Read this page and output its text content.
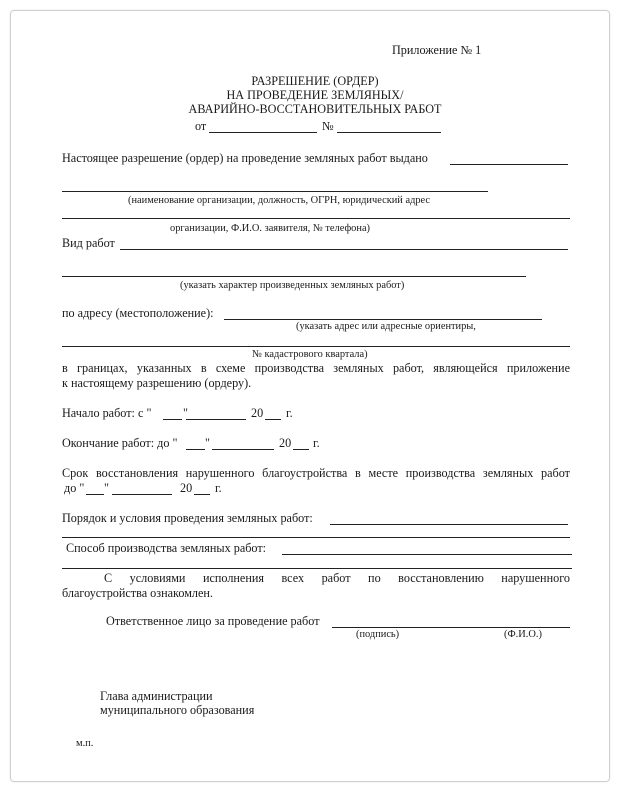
Приложение № 1
РАЗРЕШЕНИЕ (ОРДЕР)
НА ПРОВЕДЕНИЕ ЗЕМЛЯНЫХ/
АВАРИЙНО-ВОССТАНОВИТЕЛЬНЫХ РАБОТ
от	№
Настоящее разрешение (ордер) на проведение земляных работ выдано
(наименование организации, должность, ОГРН, юридический адрес
организации, Ф.И.О. заявителя, № телефона)
Вид работ
(указать характер произведенных земляных работ)
по адресу (местоположение):
(указать адрес или адресные ориентиры,
№ кадастрового квартала)
в границах, указанных в схеме производства земляных работ, являющейся приложение
к настоящему разрешению (ордеру).
Начало работ: с "	"	20 г.
Окончание работ: до " "	20 г.
Срок восстановления нарушенного благоустройства в месте производства земляных работ
до " "	20 г.
Порядок и условия проведения земляных работ:
Способ производства земляных работ:
С условиями исполнения всех работ по восстановлению нарушенного
благоустройства ознакомлен.
Ответственное лицо за проведение работ
(подпись)	(Ф.И.О.)
Глава администрации
муниципального образования
м.п.
